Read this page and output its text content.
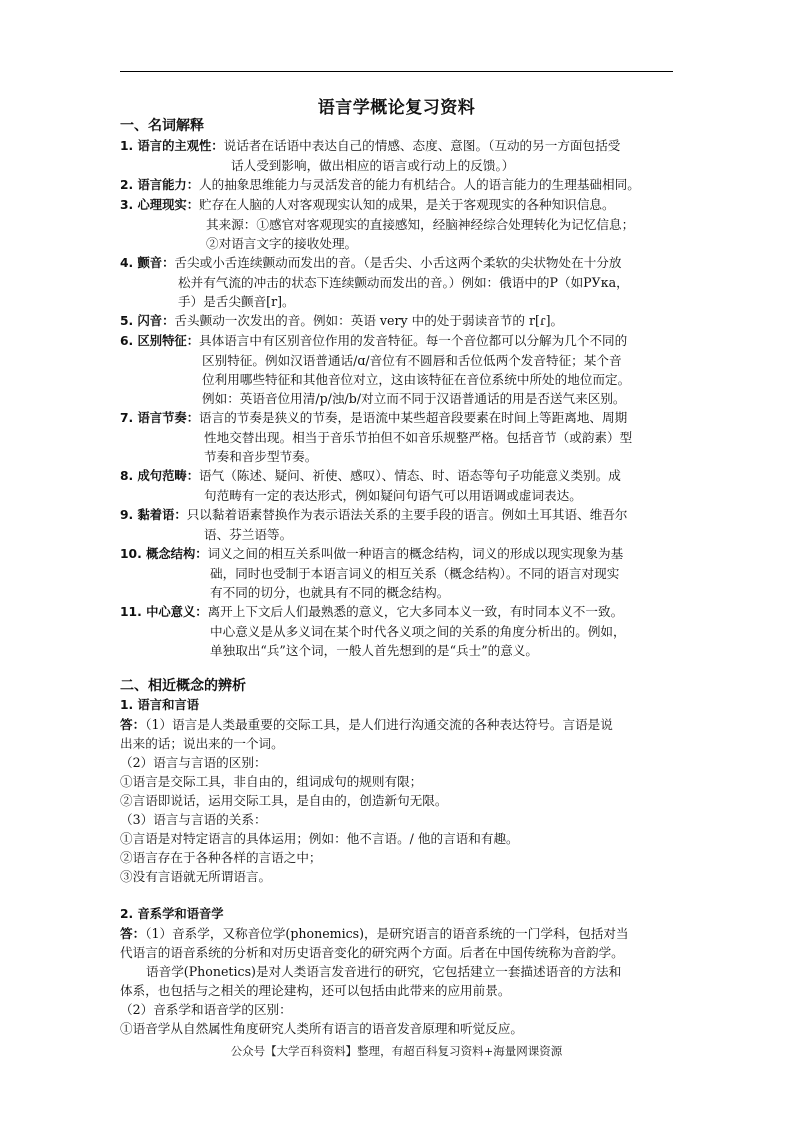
语言学概论复习资料

一、名词解释

1. 语言的主观性：说话者在话语中表达自己的情感、态度、意图。（互动的另一方面包括受
话人受到影响，做出相应的语言或行动上的反馈。）
2. 语言能力：人的抽象思维能力与灵活发音的能力有机结合。人的语言能力的生理基础相同。
3. 心理现实：贮存在人脑的人对客观现实认知的成果，是关于客观现实的各种知识信息。
其来源：①感官对客观现实的直接感知，经脑神经综合处理转化为记忆信息；
②对语言文字的接收处理。
4. 颤音：舌尖或小舌连续颤动而发出的音。（是舌尖、小舌这两个柔软的尖状物处在十分放
松并有气流的冲击的状态下连续颤动而发出的音。）例如：俄语中的P（如PУка，
手）是舌尖颤音[r]。
5. 闪音：舌头颤动一次发出的音。例如：英语 very 中的处于弱读音节的 r[ɾ]。
6. 区别特征：具体语言中有区别音位作用的发音特征。每一个音位都可以分解为几个不同的
区别特征。例如汉语普通话/ɑ/音位有不圆唇和舌位低两个发音特征；某个音
位利用哪些特征和其他音位对立，这由该特征在音位系统中所处的地位而定。
例如：英语音位用清/p/浊/b/对立而不同于汉语普通话的用是否送气来区别。
7. 语言节奏：语言的节奏是狭义的节奏，是语流中某些超音段要素在时间上等距离地、周期
性地交替出现。相当于音乐节拍但不如音乐规整严格。包括音节（或韵素）型
节奏和音步型节奏。
8. 成句范畴：语气（陈述、疑问、祈使、感叹）、情态、时、语态等句子功能意义类别。成
句范畴有一定的表达形式，例如疑问句语气可以用语调或虚词表达。
9. 黏着语：只以黏着语素替换作为表示语法关系的主要手段的语言。例如土耳其语、维吾尔
语、芬兰语等。
10. 概念结构：词义之间的相互关系叫做一种语言的概念结构，词义的形成以现实现象为基
础，同时也受制于本语言词义的相互关系（概念结构）。不同的语言对现实
有不同的切分，也就具有不同的概念结构。
11. 中心意义：离开上下文后人们最熟悉的意义，它大多同本义一致，有时同本义不一致。
中心意义是从多义词在某个时代各义项之间的关系的角度分析出的。例如，
单独取出“兵”这个词，一般人首先想到的是“兵士”的意义。

二、相近概念的辨析

1. 语言和言语

答：（1）语言是人类最重要的交际工具，是人们进行沟通交流的各种表达符号。言语是说

出来的话；说出来的一个词。

（2）语言与言语的区别：

①语言是交际工具，非自由的，组词成句的规则有限；

②言语即说话，运用交际工具，是自由的，创造新句无限。

（3）语言与言语的关系：

①言语是对特定语言的具体运用；例如：他不言语。/ 他的言语和有趣。

②语言存在于各种各样的言语之中；

③没有言语就无所谓语言。

2. 音系学和语音学

答：（1）音系学，又称音位学(phonemics)，是研究语言的语音系统的一门学科，包括对当

代语言的语音系统的分析和对历史语音变化的研究两个方面。后者在中国传统称为音韵学。

语音学(Phonetics)是对人类语言发音进行的研究，它包括建立一套描述语音的方法和

体系，也包括与之相关的理论建构，还可以包括由此带来的应用前景。

（2）音系学和语音学的区别：

①语音学从自然属性角度研究人类所有语言的语音发音原理和听觉反应。

公众号【大学百科资料】整理，有超百科复习资料+海量网课资源
